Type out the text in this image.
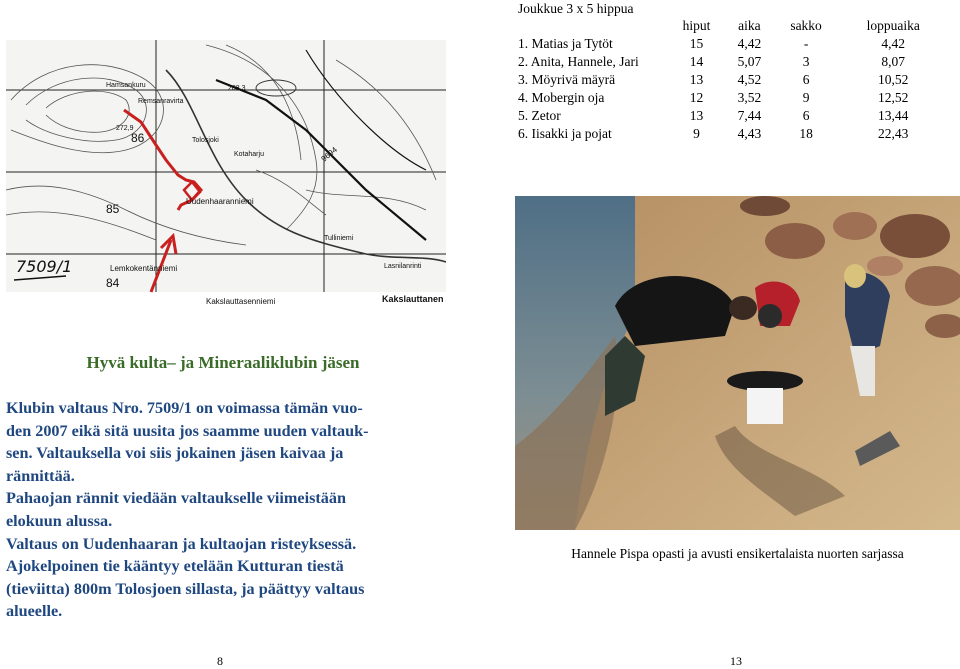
Hamsankuru
Remsanravirta
Tolosjoki
Kotaharju
Uudenhaaranniemi
Lemkokentänniemi
Kakslauttasenniemi	Kakslauttanen
Tulliniemi
Lasnilanrinti
9694
86
85
84
288,3
272,9
7509/1
Joukkue 3 x 5 hippua
	hiput	aika	sakko	loppuaika
1. Matias ja Tytöt	15	4,42	-	4,42
2. Anita, Hannele, Jari	14	5,07	3	8,07
3. Möyrivä mäyrä	13	4,52	6	10,52
4. Mobergin oja	12	3,52	9	12,52
5. Zetor	13	7,44	6	13,44
6. Iisakki ja pojat	9	4,43	18	22,43
Hannele Pispa opasti ja avusti ensikertalaista nuorten sarjassa
Hyvä kulta– ja Mineraaliklubin jäsen

Klubin valtaus Nro. 7509/1 on voimassa tämän vuo-

den 2007 eikä sitä uusita jos saamme uuden valtauk-

sen. Valtauksella voi siis jokainen jäsen kaivaa ja

rännittää.

Pahaojan rännit viedään valtaukselle viimeistään

elokuun alussa.

Valtaus on Uudenhaaran ja kultaojan risteyksessä.

Ajokelpoinen tie kääntyy etelään Kutturan tiestä

(tieviitta) 800m Tolosjoen sillasta, ja päättyy valtaus

alueelle.

8	13
